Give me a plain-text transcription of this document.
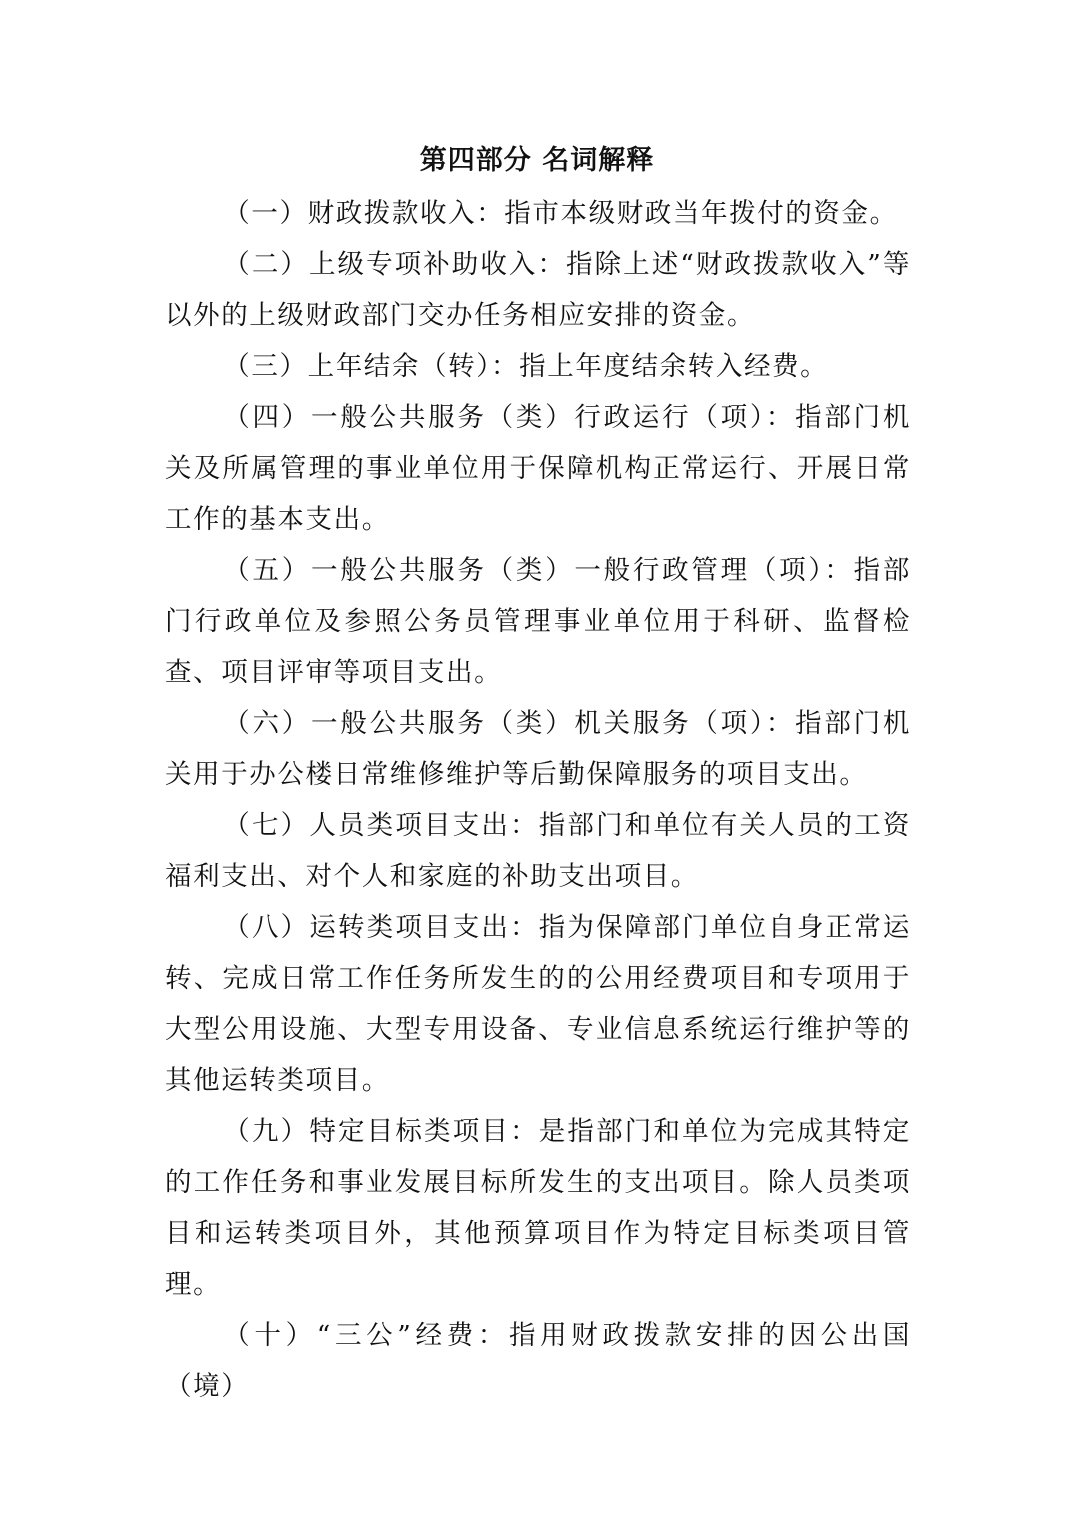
第四部分 名词解释

（一）财政拨款收入：指市本级财政当年拨付的资金。

（二）上级专项补助收入：指除上述“财政拨款收入”等以外的上级财政部门交办任务相应安排的资金。

（三）上年结余（转）：指上年度结余转入经费。

（四）一般公共服务（类）行政运行（项）：指部门机关及所属管理的事业单位用于保障机构正常运行、开展日常工作的基本支出。

（五）一般公共服务（类）一般行政管理（项）：指部门行政单位及参照公务员管理事业单位用于科研、监督检查、项目评审等项目支出。

（六）一般公共服务（类）机关服务（项）：指部门机关用于办公楼日常维修维护等后勤保障服务的项目支出。

（七）人员类项目支出：指部门和单位有关人员的工资福利支出、对个人和家庭的补助支出项目。

（八）运转类项目支出：指为保障部门单位自身正常运转、完成日常工作任务所发生的的公用经费项目和专项用于大型公用设施、大型专用设备、专业信息系统运行维护等的其他运转类项目。

（九）特定目标类项目：是指部门和单位为完成其特定的工作任务和事业发展目标所发生的支出项目。除人员类项目和运转类项目外，其他预算项目作为特定目标类项目管理。

（十）“三公”经费：指用财政拨款安排的因公出国（境）
